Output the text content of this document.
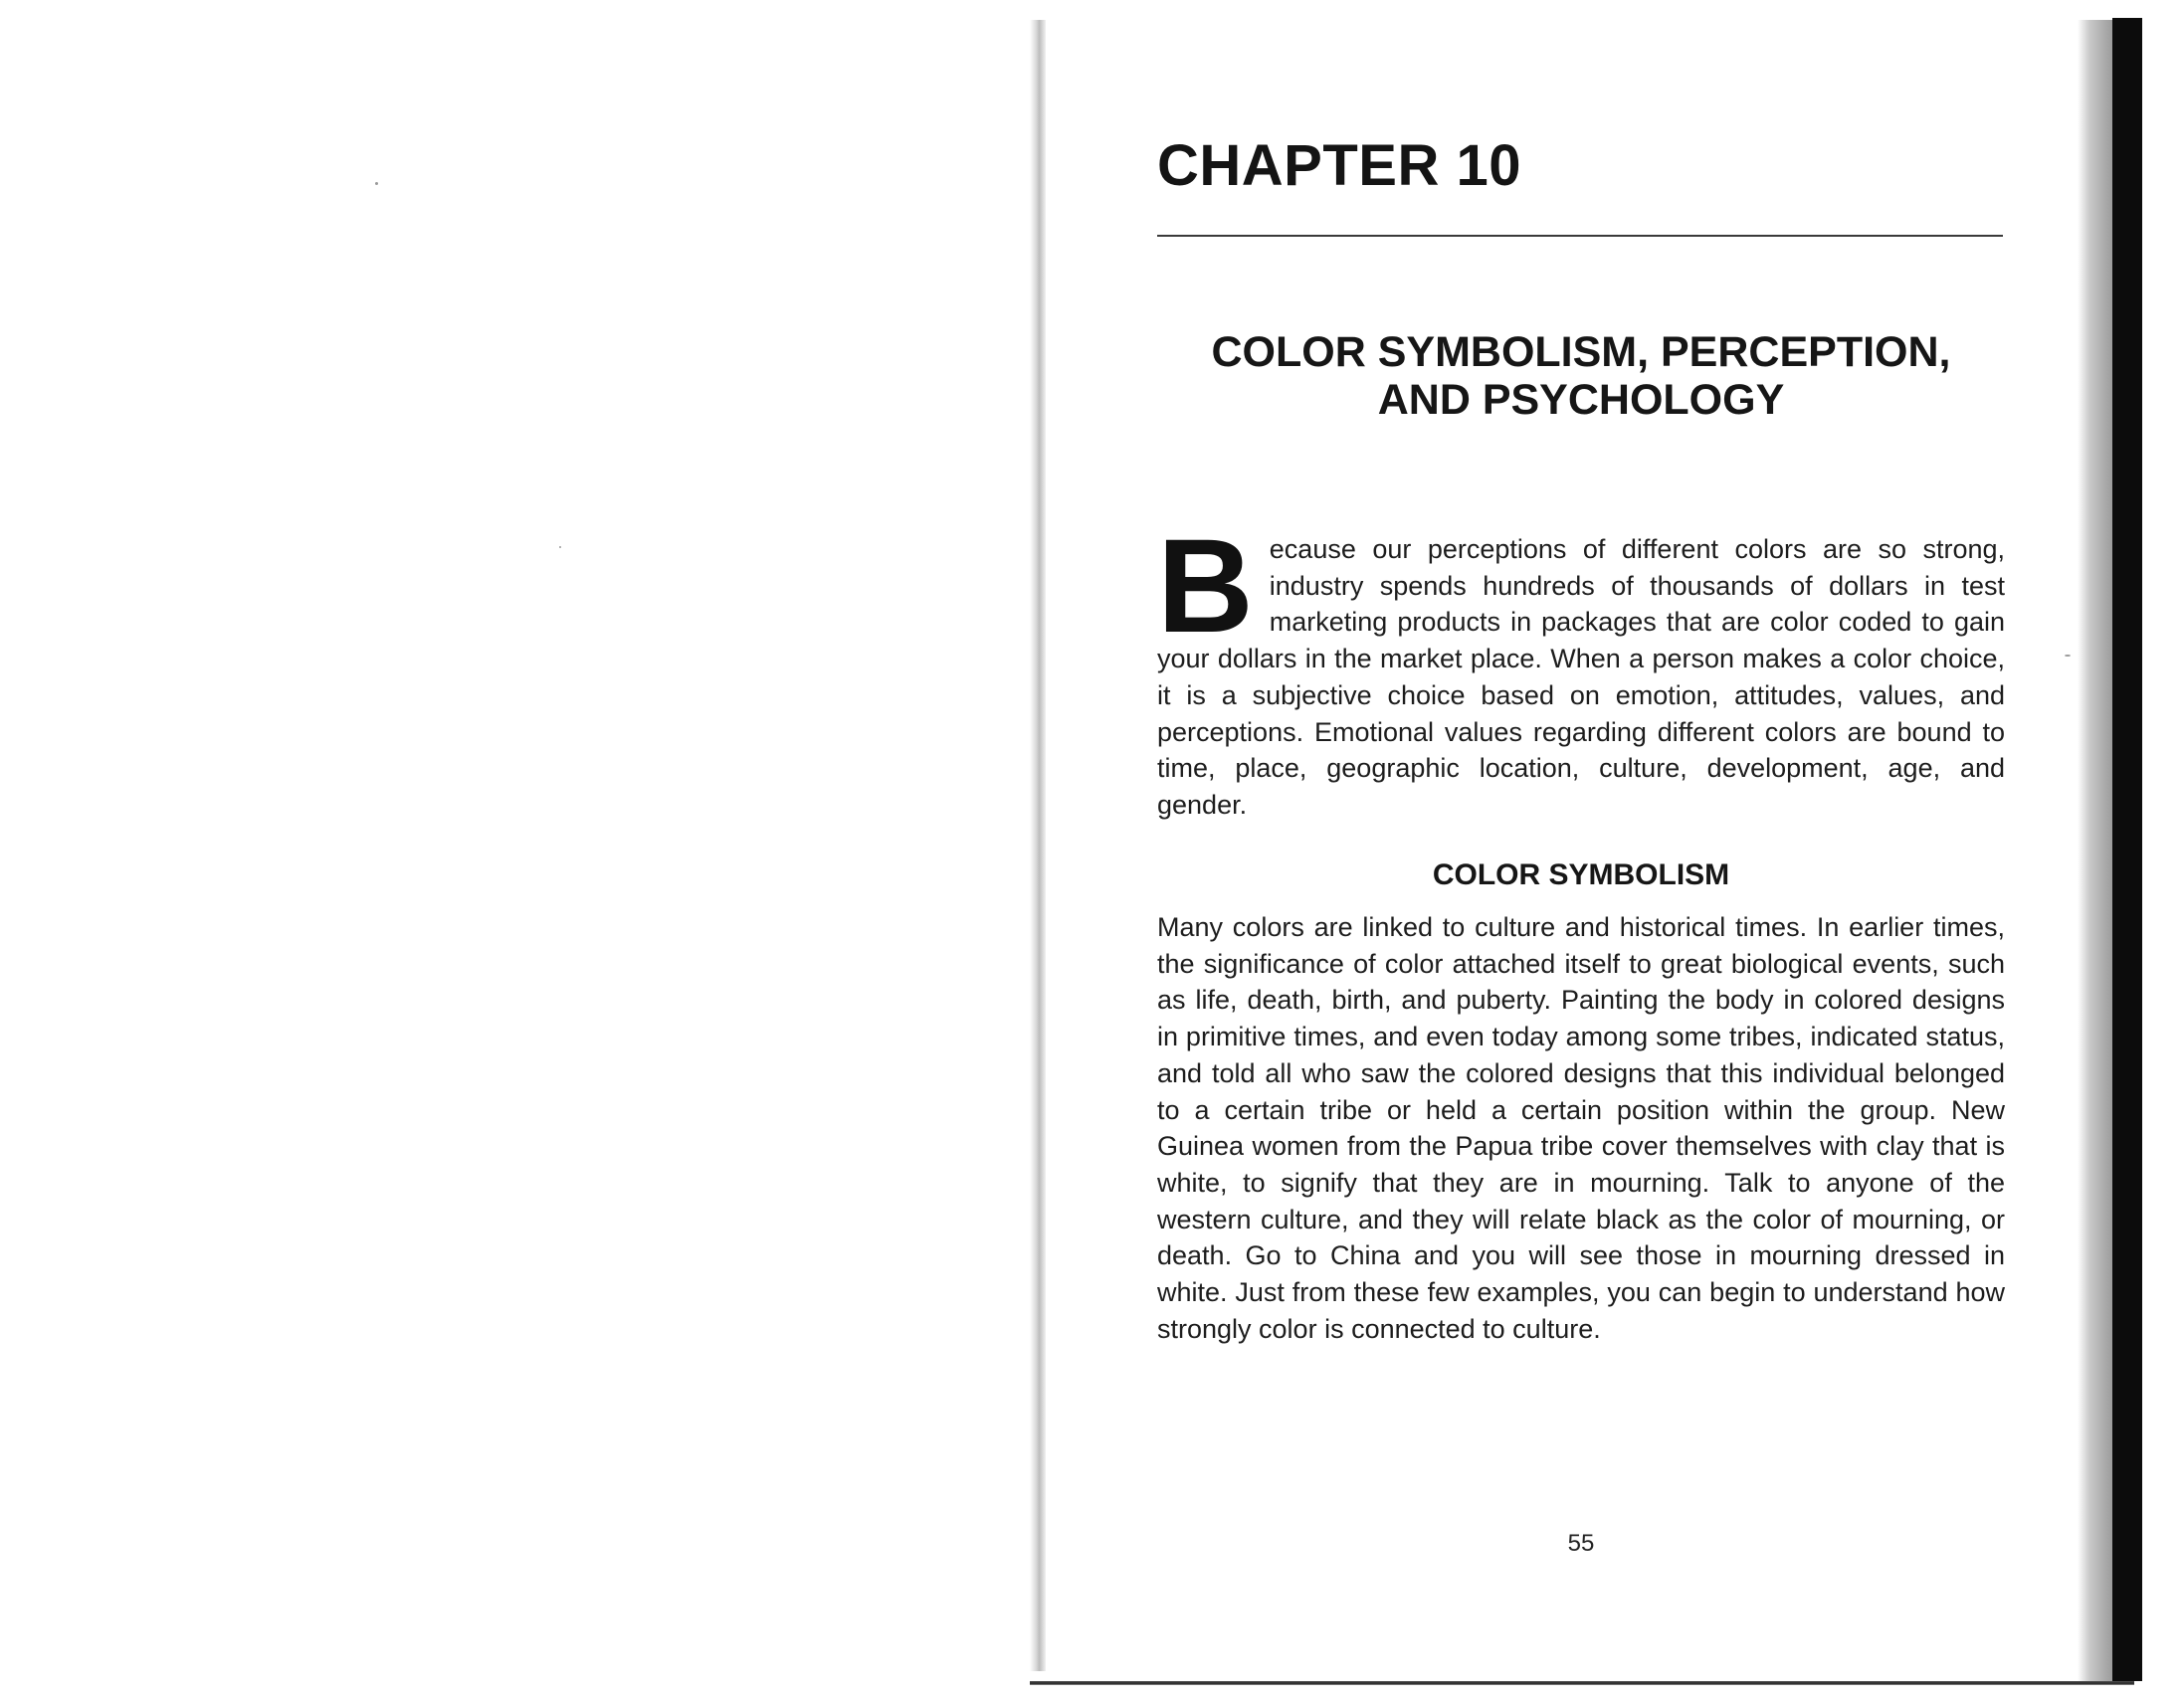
CHAPTER 10
COLOR SYMBOLISM, PERCEPTION,
AND PSYCHOLOGY

Because our perceptions of different colors are so strong, industry spends hundreds of thousands of dollars in test marketing products in packages that are color coded to gain your dollars in the market place. When a person makes a color choice, it is a subjective choice based on emotion, attitudes, values, and perceptions. Emotional values regarding different colors are bound to time, place, geographic location, culture, development, age, and gender.

COLOR SYMBOLISM

Many colors are linked to culture and historical times. In earlier times, the significance of color attached itself to great biological events, such as life, death, birth, and puberty. Painting the body in colored designs in primitive times, and even today among some tribes, indicated status, and told all who saw the colored designs that this individual belonged to a certain tribe or held a certain position within the group. New Guinea women from the Papua tribe cover themselves with clay that is white, to signify that they are in mourning. Talk to anyone of the western culture, and they will relate black as the color of mourning, or death. Go to China and you will see those in mourning dressed in white. Just from these few examples, you can begin to understand how strongly color is connected to culture.

55
